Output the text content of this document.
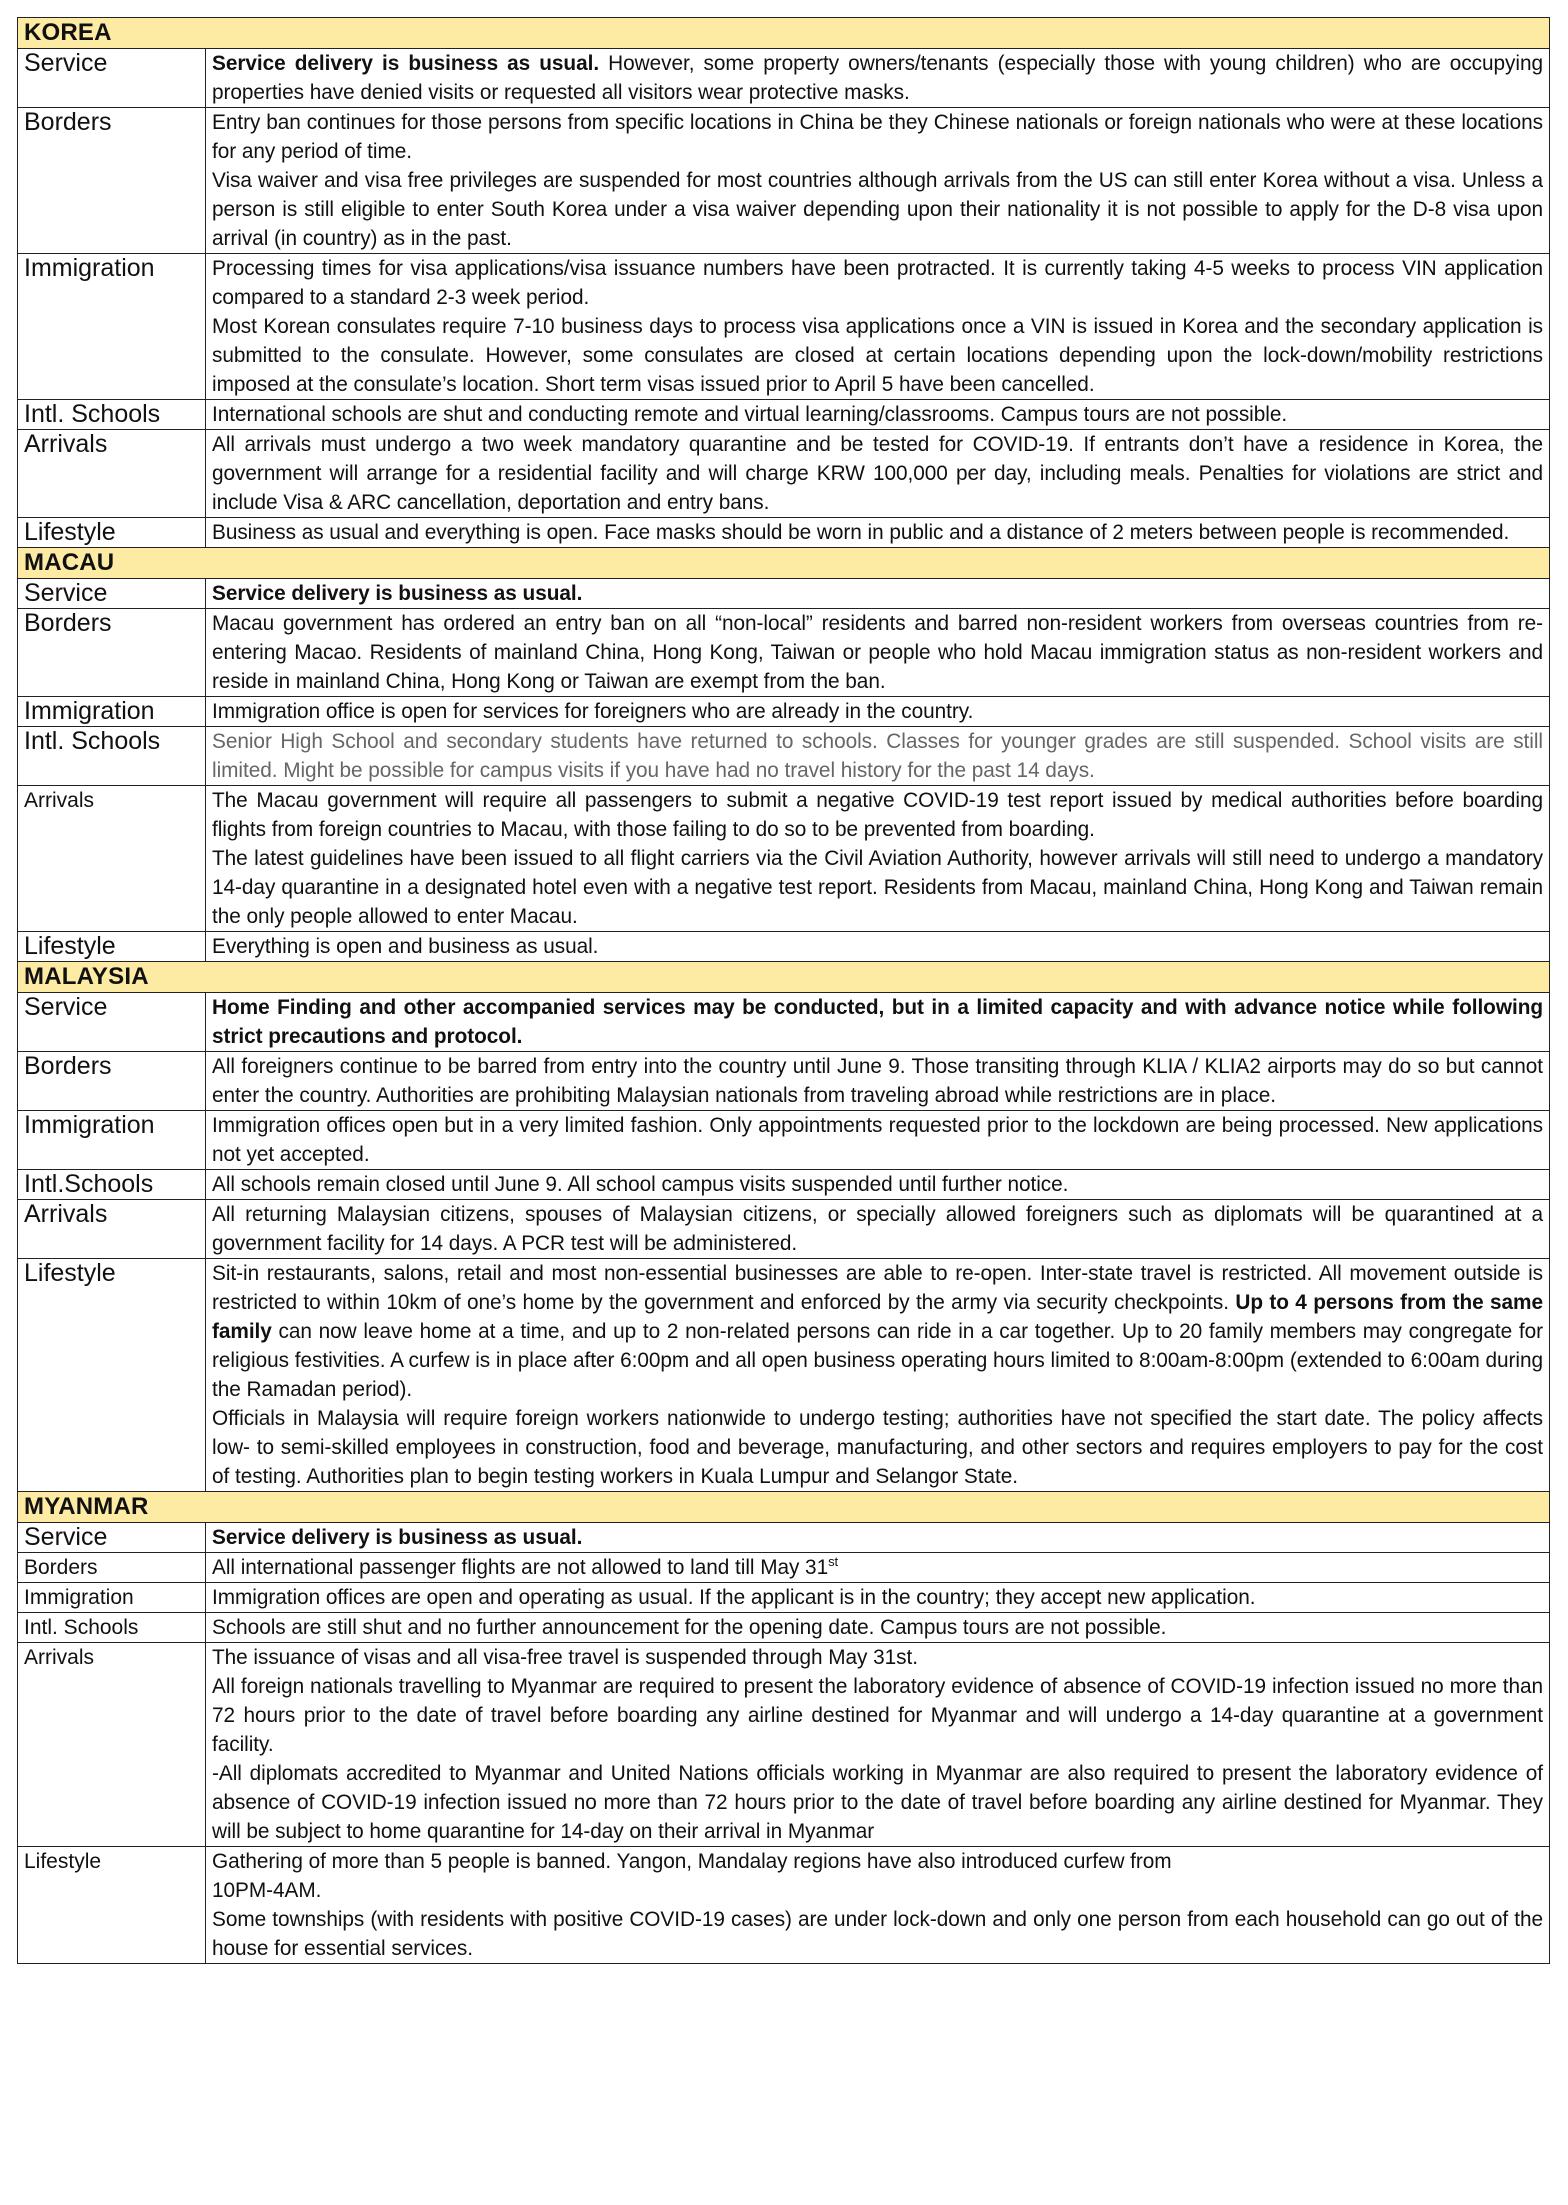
KOREA	
Service	Service delivery is business as usual. However, some property owners/tenants (especially those with young children) who are occupying properties have denied visits or requested all visitors wear protective masks.

Borders	Entry ban continues for those persons from specific locations in China be they Chinese nationals or foreign nationals who were at these locations for any period of time.

Visa waiver and visa free privileges are suspended for most countries although arrivals from the US can still enter Korea without a visa. Unless a person is still eligible to enter South Korea under a visa waiver depending upon their nationality it is not possible to apply for the D-8 visa upon arrival (in country) as in the past.

Immigration	Processing times for visa applications/visa issuance numbers have been protracted. It is currently taking 4-5 weeks to process VIN application compared to a standard 2-3 week period.

Most Korean consulates require 7-10 business days to process visa applications once a VIN is issued in Korea and the secondary application is submitted to the consulate. However, some consulates are closed at certain locations depending upon the lock-down/mobility restrictions imposed at the consulate’s location. Short term visas issued prior to April 5 have been cancelled.

Intl. Schools	International schools are shut and conducting remote and virtual learning/classrooms. Campus tours are not possible.
Arrivals	All arrivals must undergo a two week mandatory quarantine and be tested for COVID-19. If entrants don’t have a residence in Korea, the government will arrange for a residential facility and will charge KRW 100,000 per day, including meals. Penalties for violations are strict and include Visa & ARC cancellation, deportation and entry bans.
Lifestyle	Business as usual and everything is open. Face masks should be worn in public and a distance of 2 meters between people is recommended.
MACAU	
Service	Service delivery is business as usual.
Borders	Macau government has ordered an entry ban on all “non-local” residents and barred non-resident workers from overseas countries from re-entering Macao. Residents of mainland China, Hong Kong, Taiwan or people who hold Macau immigration status as non-resident workers and reside in mainland China, Hong Kong or Taiwan are exempt from the ban.
Immigration	Immigration office is open for services for foreigners who are already in the country.
Intl. Schools	Senior High School and secondary students have returned to schools. Classes for younger grades are still suspended. School visits are still limited. Might be possible for campus visits if you have had no travel history for the past 14 days.
Arrivals	The Macau government will require all passengers to submit a negative COVID-19 test report issued by medical authorities before boarding flights from foreign countries to Macau, with those failing to do so to be prevented from boarding.

The latest guidelines have been issued to all flight carriers via the Civil Aviation Authority, however arrivals will still need to undergo a mandatory 14-day quarantine in a designated hotel even with a negative test report. Residents from Macau, mainland China, Hong Kong and Taiwan remain the only people allowed to enter Macau.

Lifestyle	Everything is open and business as usual.
MALAYSIA	
Service	Home Finding and other accompanied services may be conducted, but in a limited capacity and with advance notice while following strict precautions and protocol.
Borders	All foreigners continue to be barred from entry into the country until June 9. Those transiting through KLIA / KLIA2 airports may do so but cannot enter the country. Authorities are prohibiting Malaysian nationals from traveling abroad while restrictions are in place.
Immigration	Immigration offices open but in a very limited fashion. Only appointments requested prior to the lockdown are being processed. New applications not yet accepted.
Intl.Schools	All schools remain closed until June 9. All school campus visits suspended until further notice.
Arrivals	All returning Malaysian citizens, spouses of Malaysian citizens, or specially allowed foreigners such as diplomats will be quarantined at a government facility for 14 days. A PCR test will be administered.
Lifestyle	Sit-in restaurants, salons, retail and most non-essential businesses are able to re-open. Inter-state travel is restricted. All movement outside is restricted to within 10km of one’s home by the government and enforced by the army via security checkpoints. Up to 4 persons from the same family can now leave home at a time, and up to 2 non-related persons can ride in a car together. Up to 20 family members may congregate for religious festivities. A curfew is in place after 6:00pm and all open business operating hours limited to 8:00am-8:00pm (extended to 6:00am during the Ramadan period).

Officials in Malaysia will require foreign workers nationwide to undergo testing; authorities have not specified the start date. The policy affects low- to semi-skilled employees in construction, food and beverage, manufacturing, and other sectors and requires employers to pay for the cost of testing. Authorities plan to begin testing workers in Kuala Lumpur and Selangor State.

MYANMAR	
Service	Service delivery is business as usual.
Borders	All international passenger flights are not allowed to land till May 31st
Immigration	Immigration offices are open and operating as usual. If the applicant is in the country; they accept new application.
Intl. Schools	Schools are still shut and no further announcement for the opening date. Campus tours are not possible.
Arrivals	The issuance of visas and all visa-free travel is suspended through May 31st.

All foreign nationals travelling to Myanmar are required to present the laboratory evidence of absence of COVID-19 infection issued no more than 72 hours prior to the date of travel before boarding any airline destined for Myanmar and will undergo a 14-day quarantine at a government facility.

-All diplomats accredited to Myanmar and United Nations officials working in Myanmar are also required to present the laboratory evidence of absence of COVID-19 infection issued no more than 72 hours prior to the date of travel before boarding any airline destined for Myanmar. They will be subject to home quarantine for 14-day on their arrival in Myanmar

Lifestyle	Gathering of more than 5 people is banned. Yangon, Mandalay regions have also introduced curfew from

10PM-4AM.

Some townships (with residents with positive COVID-19 cases) are under lock-down and only one person from each household can go out of the house for essential services.
